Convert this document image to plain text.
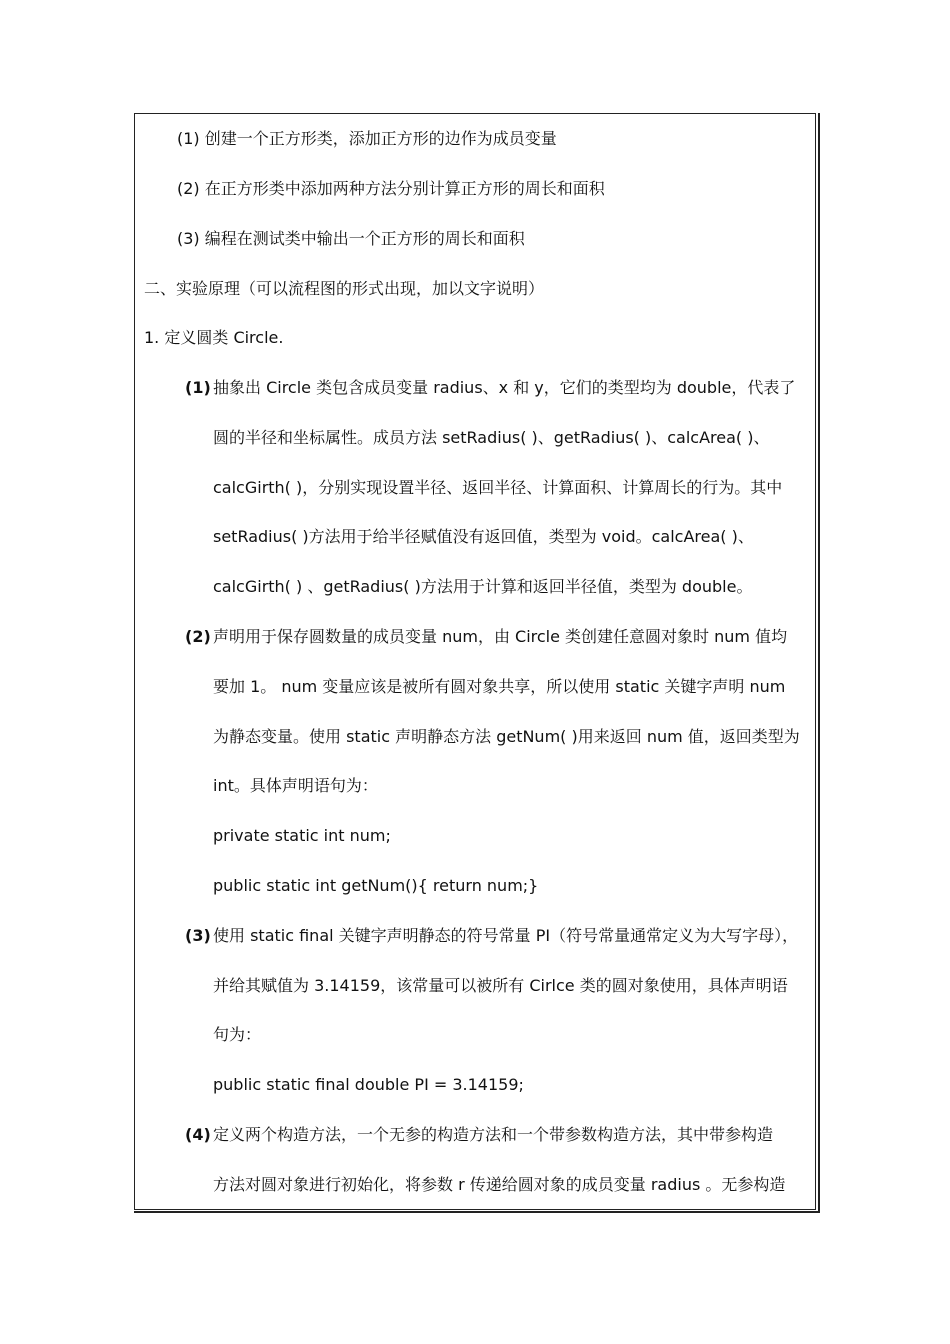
(1) 创建一个正方形类，添加正方形的边作为成员变量
(2) 在正方形类中添加两种方法分别计算正方形的周长和面积
(3) 编程在测试类中输出一个正方形的周长和面积
二、实验原理（可以流程图的形式出现，加以文字说明）
1. 定义圆类 Circle.
(1) 抽象出 Circle 类包含成员变量 radius、x 和 y，它们的类型均为 double，代表了
圆的半径和坐标属性。成员方法 setRadius( )、getRadius( )、calcArea( )、
calcGirth( )，分别实现设置半径、返回半径、计算面积、计算周长的行为。其中
setRadius( )方法用于给半径赋值没有返回值，类型为 void。calcArea( )、
calcGirth( ) 、getRadius( )方法用于计算和返回半径值，类型为 double。
(2) 声明用于保存圆数量的成员变量 num，由 Circle 类创建任意圆对象时 num 值均
要加 1。 num 变量应该是被所有圆对象共享，所以使用 static 关键字声明 num
为静态变量。使用 static 声明静态方法 getNum( )用来返回 num 值，返回类型为
int。具体声明语句为：
private static int num;
public static int getNum(){ return num;}
(3) 使用 static final 关键字声明静态的符号常量 PI（符号常量通常定义为大写字母），
并给其赋值为 3.14159，该常量可以被所有 Cirlce 类的圆对象使用，具体声明语
句为：
public static final double PI = 3.14159;
(4) 定义两个构造方法，一个无参的构造方法和一个带参数构造方法，其中带参构造
方法对圆对象进行初始化，将参数 r 传递给圆对象的成员变量 radius 。无参构造
